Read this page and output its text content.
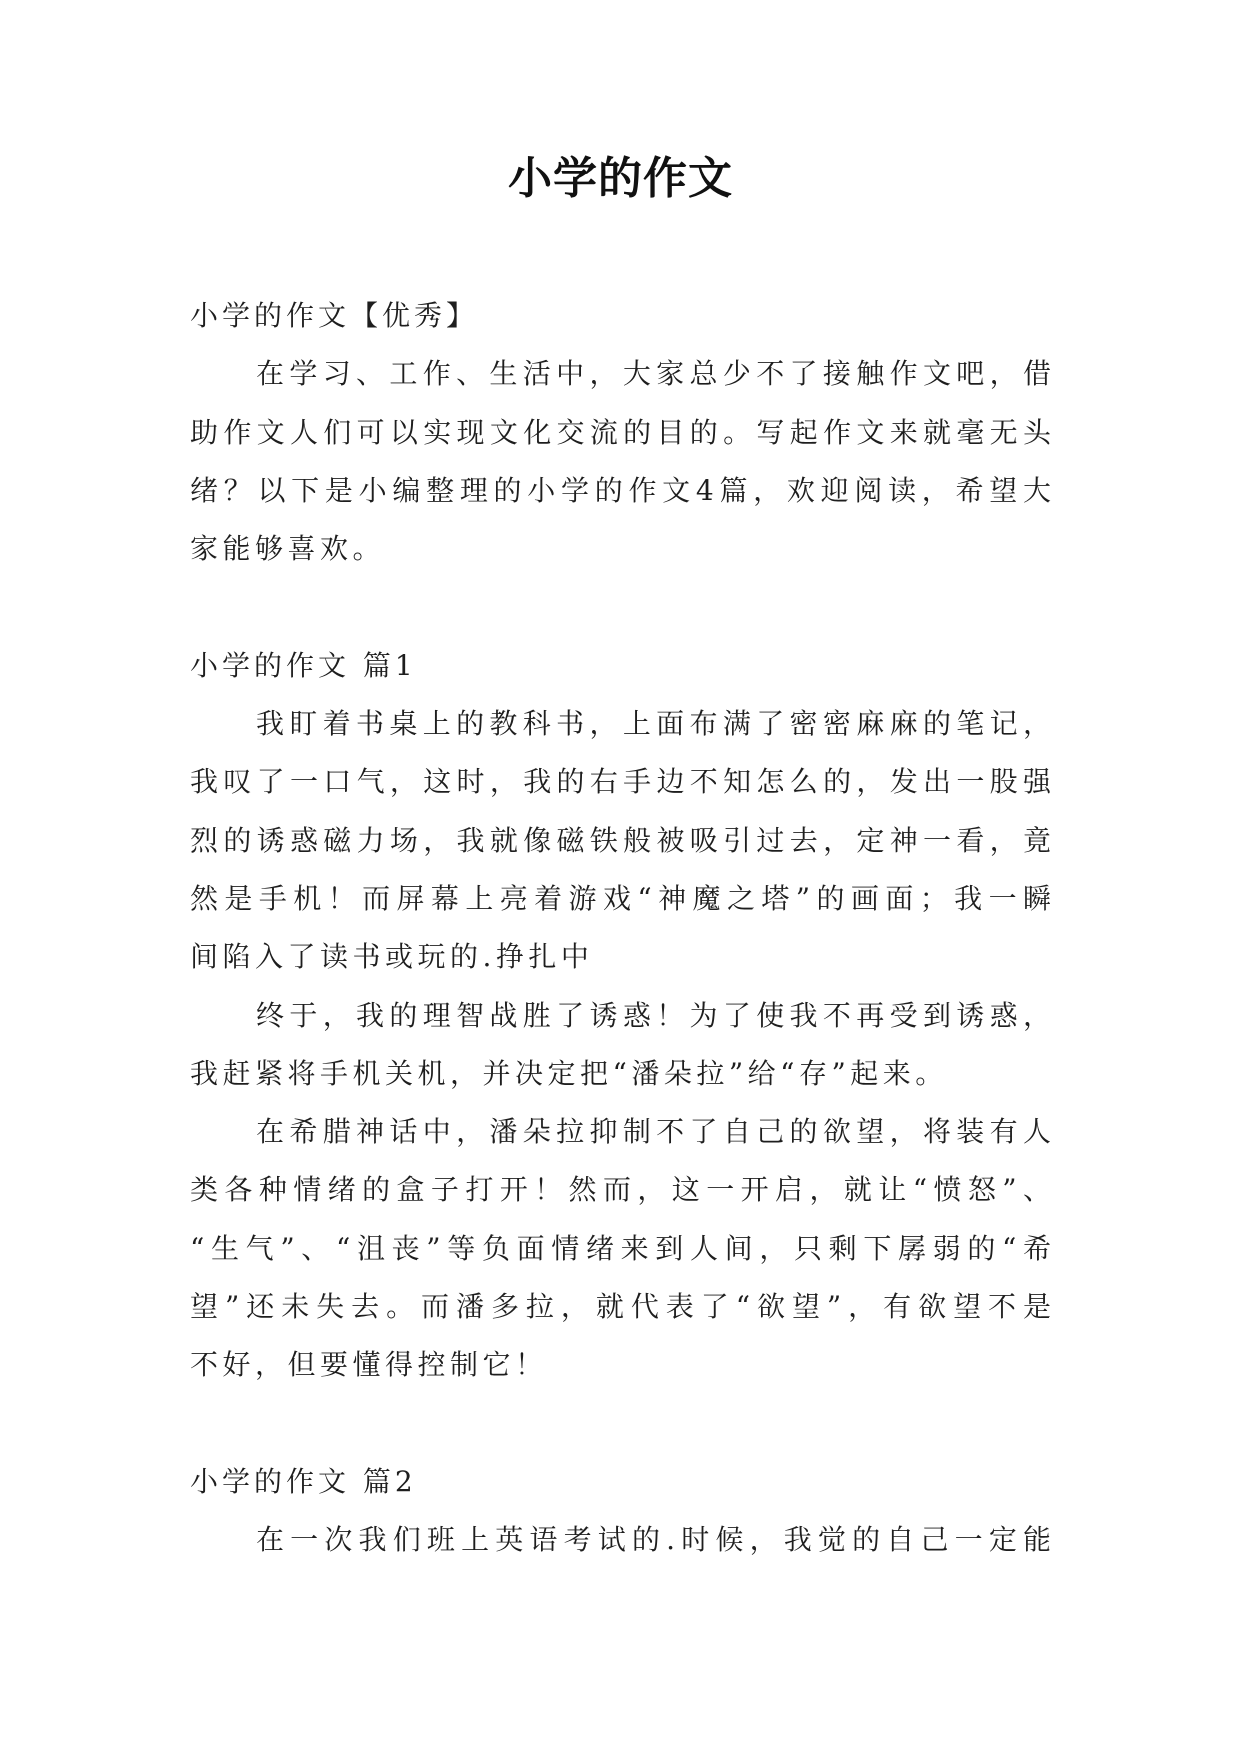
小学的作文
小学的作文【优秀】
在学习、工作、生活中，大家总少不了接触作文吧，借
助作文人们可以实现文化交流的目的。写起作文来就毫无头
绪？以下是小编整理的小学的作文4篇，欢迎阅读，希望大
家能够喜欢。
小学的作文 篇1
我盯着书桌上的教科书，上面布满了密密麻麻的笔记，
我叹了一口气，这时，我的右手边不知怎么的，发出一股强
烈的诱惑磁力场，我就像磁铁般被吸引过去，定神一看，竟
然是手机！而屏幕上亮着游戏“神魔之塔”的画面；我一瞬
间陷入了读书或玩的.挣扎中
终于，我的理智战胜了诱惑！为了使我不再受到诱惑，
我赶紧将手机关机，并决定把“潘朵拉”给“存”起来。
在希腊神话中，潘朵拉抑制不了自己的欲望，将装有人
类各种情绪的盒子打开！然而，这一开启，就让“愤怒”、
“生气”、“沮丧”等负面情绪来到人间，只剩下孱弱的“希
望”还未失去。而潘多拉，就代表了“欲望”，有欲望不是
不好，但要懂得控制它！
小学的作文 篇2
在一次我们班上英语考试的.时候，我觉的自己一定能
